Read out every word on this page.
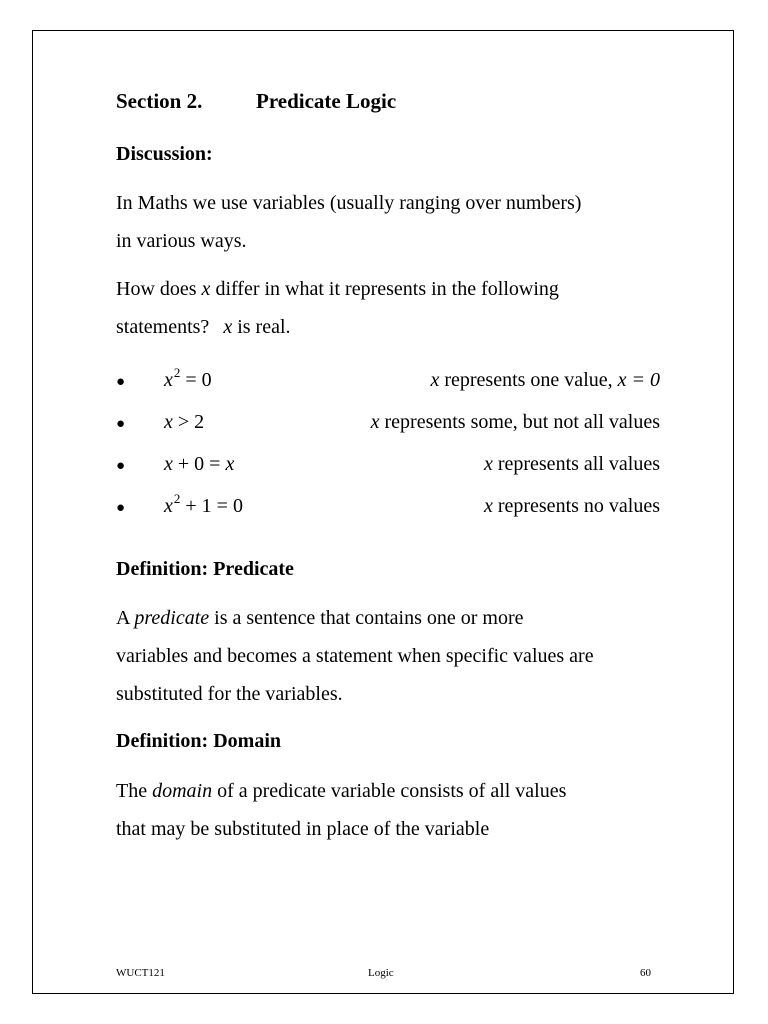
Section 2.	Predicate Logic
Discussion:
In Maths we use variables (usually ranging over numbers)
in various ways.
How does x differ in what it represents in the following
statements? x is real.
● $x^2 = 0$	x represents one value, x = 0
● x > 2	x represents some, but not all values
● x + 0 = x	x represents all values
● $x^2 + 1 = 0$	x represents no values
Definition: Predicate
A predicate is a sentence that contains one or more
variables and becomes a statement when specific values are
substituted for the variables.
Definition: Domain
The domain of a predicate variable consists of all values
that may be substituted in place of the variable
WUCT121	Logic	60
